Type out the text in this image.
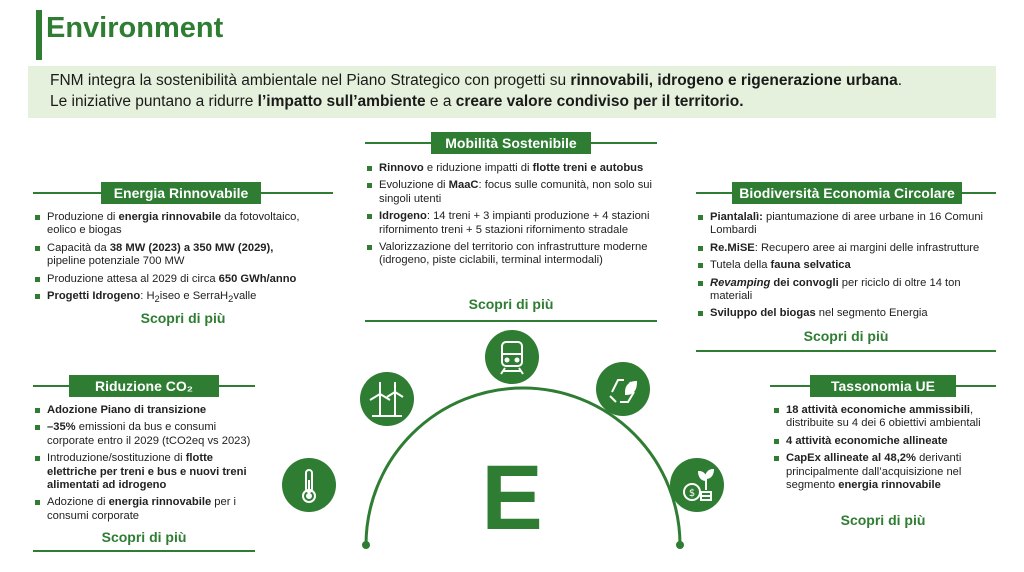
Environment

FNM integra la sostenibilità ambientale nel Piano Strategico con progetti su rinnovabili, idrogeno e rigenerazione urbana.

Le iniziative puntano a ridurre l’impatto sull’ambiente e a creare valore condiviso per il territorio.

Energia Rinnovabile
Produzione di energia rinnovabile da fotovoltaico, eolico e biogas
Capacità da 38 MW (2023) a 350 MW (2029), pipeline potenziale 700 MW
Produzione attesa al 2029 di circa 650 GWh/anno
Progetti Idrogeno: $H_2iseo$ e SerraH$_2$valle
Scopri di più
Mobilità Sostenibile
Rinnovo e riduzione impatti di flotte treni e autobus
Evoluzione di MaaC: focus sulle comunità, non solo sui singoli utenti
Idrogeno: 14 treni + 3 impianti produzione + 4 stazioni rifornimento treni + 5 stazioni rifornimento stradale
Valorizzazione del territorio con infrastrutture moderne (idrogeno, piste ciclabili, terminal intermodali)
Scopri di più
Biodiversità Economia Circolare
Piantalalì: piantumazione di aree urbane in 16 Comuni Lombardi
Re.MiSE: Recupero aree ai margini delle infrastrutture
Tutela della fauna selvatica
Revamping dei convogli per riciclo di oltre 14 ton materiali
Sviluppo del biogas nel segmento Energia
Scopri di più
Riduzione CO₂
Adozione Piano di transizione
–35% emissioni da bus e consumi corporate entro il 2029 (tCO2eq vs 2023)
Introduzione/sostituzione di flotte elettriche per treni e bus e nuovi treni alimentati ad idrogeno
Adozione di energia rinnovabile per i consumi corporate
Scopri di più
Tassonomia UE
18 attività economiche ammissibili, distribuite su 4 dei 6 obiettivi ambientali
4 attività economiche allineate
CapEx allineate al 48,2% derivanti principalmente dall’acquisizione nel segmento energia rinnovabile
Scopri di più
$
E
